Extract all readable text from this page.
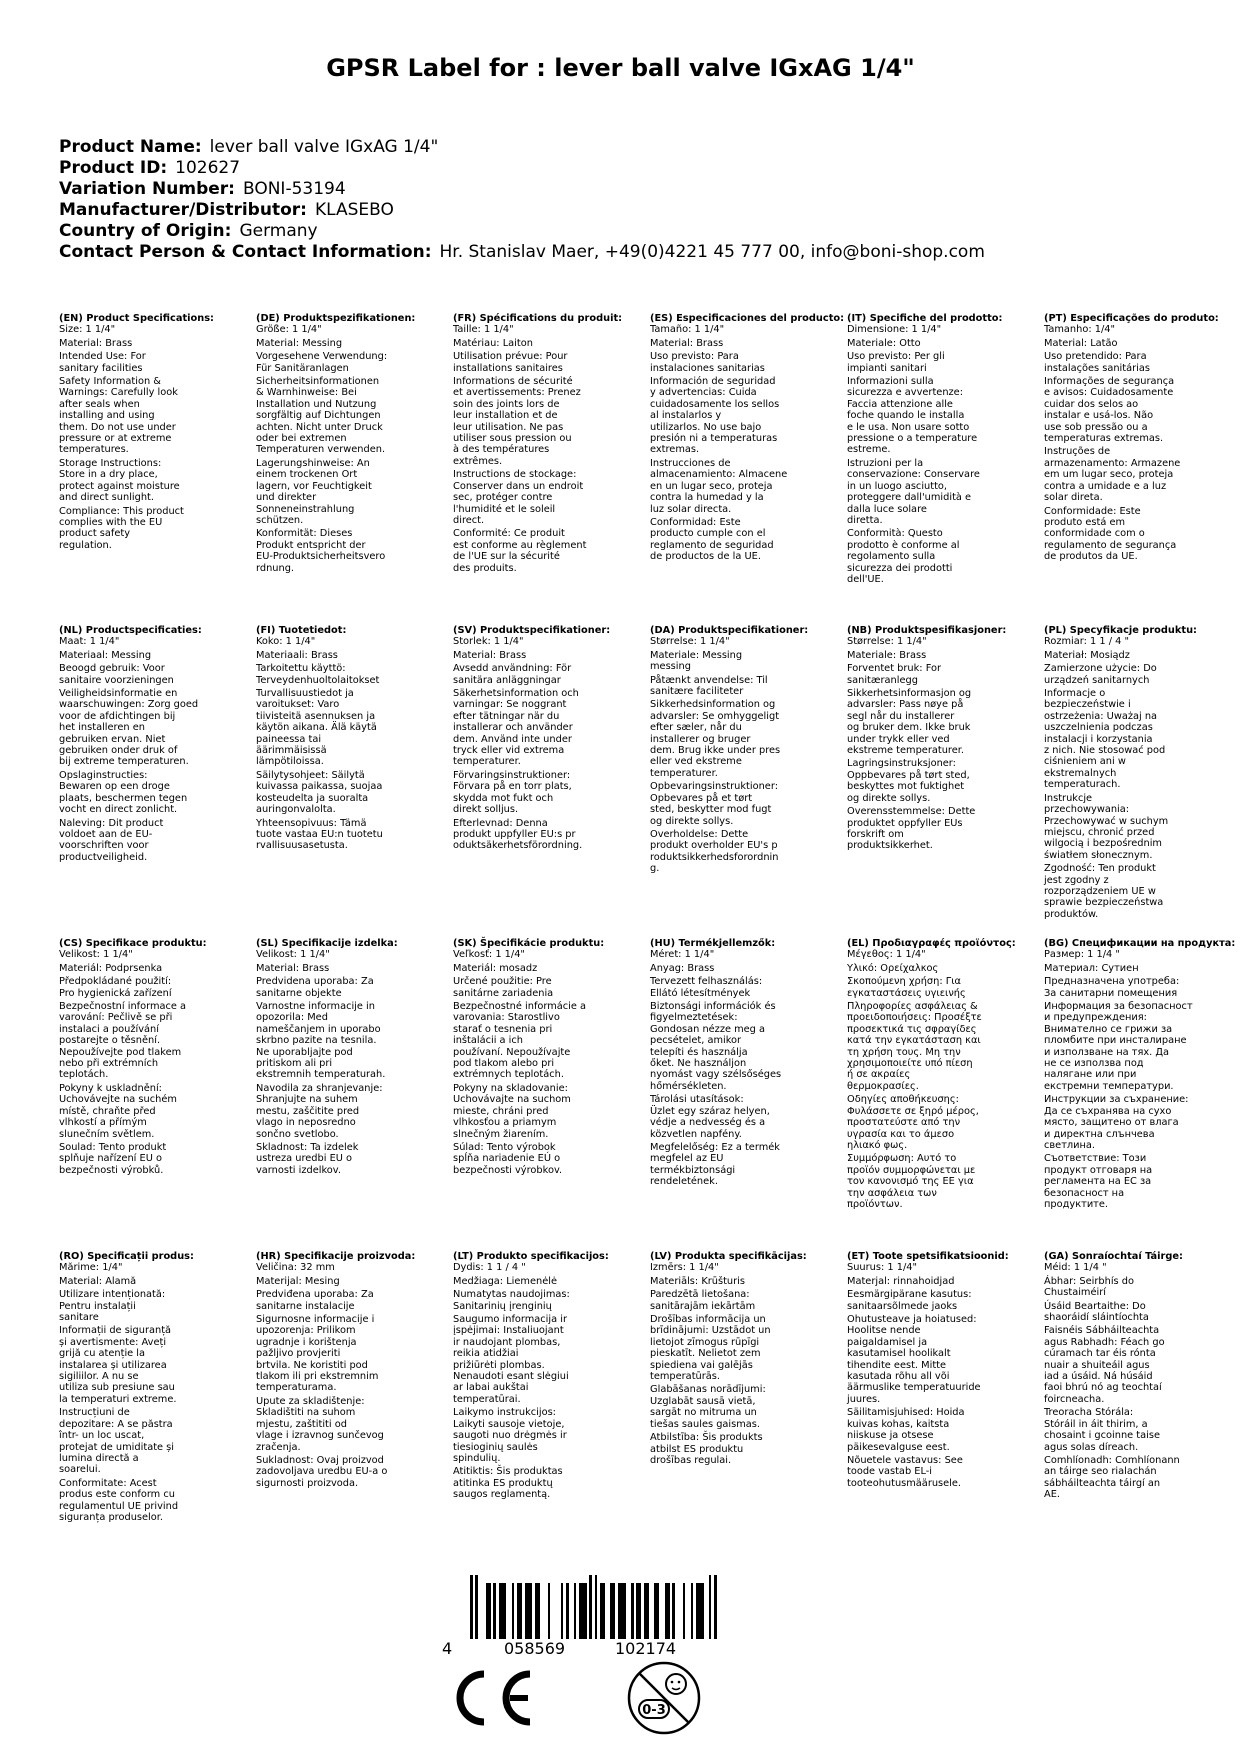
GPSR Label for : lever ball valve IGxAG 1/4"
Product Name: lever ball valve IGxAG 1/4"
Product ID: 102627
Variation Number: BONI-53194
Manufacturer/Distributor: KLASEBO
Country of Origin: Germany
Contact Person & Contact Information: Hr. Stanislav Maer, +49(0)4221 45 777 00, info@boni-shop.com
(EN) Product Specifications:
Size: 1 1/4"
Material: Brass
Intended Use: For
sanitary facilities
Safety Information &
Warnings: Carefully look
after seals when
installing and using
them. Do not use under
pressure or at extreme
temperatures.
Storage Instructions:
Store in a dry place,
protect against moisture
and direct sunlight.
Compliance: This product
complies with the EU
product safety
regulation.
(DE) Produktspezifikationen:
Größe: 1 1/4"
Material: Messing
Vorgesehene Verwendung:
Für Sanitäranlagen
Sicherheitsinformationen
& Warnhinweise: Bei
Installation und Nutzung
sorgfältig auf Dichtungen
achten. Nicht unter Druck
oder bei extremen
Temperaturen verwenden.
Lagerungshinweise: An
einem trockenen Ort
lagern, vor Feuchtigkeit
und direkter
Sonneneinstrahlung
schützen.
Konformität: Dieses
Produkt entspricht der
EU-Produktsicherheitsvero
rdnung.
(FR) Spécifications du produit:
Taille: 1 1/4"
Matériau: Laiton
Utilisation prévue: Pour
installations sanitaires
Informations de sécurité
et avertissements: Prenez
soin des joints lors de
leur installation et de
leur utilisation. Ne pas
utiliser sous pression ou
à des températures
extrêmes.
Instructions de stockage:
Conserver dans un endroit
sec, protéger contre
l'humidité et le soleil
direct.
Conformité: Ce produit
est conforme au règlement
de l'UE sur la sécurité
des produits.
(ES) Especificaciones del producto:
Tamaño: 1 1/4"
Material: Brass
Uso previsto: Para
instalaciones sanitarias
Información de seguridad
y advertencias: Cuida
cuidadosamente los sellos
al instalarlos y
utilizarlos. No use bajo
presión ni a temperaturas
extremas.
Instrucciones de
almacenamiento: Almacene
en un lugar seco, proteja
contra la humedad y la
luz solar directa.
Conformidad: Este
producto cumple con el
reglamento de seguridad
de productos de la UE.
(IT) Specifiche del prodotto:
Dimensione: 1 1/4"
Materiale: Otto
Uso previsto: Per gli
impianti sanitari
Informazioni sulla
sicurezza e avvertenze:
Faccia attenzione alle
foche quando le installa
e le usa. Non usare sotto
pressione o a temperature
estreme.
Istruzioni per la
conservazione: Conservare
in un luogo asciutto,
proteggere dall'umidità e
dalla luce solare
diretta.
Conformità: Questo
prodotto è conforme al
regolamento sulla
sicurezza dei prodotti
dell'UE.
(PT) Especificações do produto:
Tamanho: 1/4"
Material: Latão
Uso pretendido: Para
instalações sanitárias
Informações de segurança
e avisos: Cuidadosamente
cuidar dos selos ao
instalar e usá-los. Não
use sob pressão ou a
temperaturas extremas.
Instruções de
armazenamento: Armazene
em um lugar seco, proteja
contra a umidade e a luz
solar direta.
Conformidade: Este
produto está em
conformidade com o
regulamento de segurança
de produtos da UE.
(NL) Productspecificaties:
Maat: 1 1/4"
Materiaal: Messing
Beoogd gebruik: Voor
sanitaire voorzieningen
Veiligheidsinformatie en
waarschuwingen: Zorg goed
voor de afdichtingen bij
het installeren en
gebruiken ervan. Niet
gebruiken onder druk of
bij extreme temperaturen.
Opslaginstructies:
Bewaren op een droge
plaats, beschermen tegen
vocht en direct zonlicht.
Naleving: Dit product
voldoet aan de EU-
voorschriften voor
productveiligheid.
(FI) Tuotetiedot:
Koko: 1 1/4"
Materiaali: Brass
Tarkoitettu käyttö:
Terveydenhuoltolaitokset
Turvallisuustiedot ja
varoitukset: Varo
tiivisteitä asennuksen ja
käytön aikana. Älä käytä
paineessa tai
äärimmäisissä
lämpötiloissa.
Säilytysohjeet: Säilytä
kuivassa paikassa, suojaa
kosteudelta ja suoralta
auringonvalolta.
Yhteensopivuus: Tämä
tuote vastaa EU:n tuotetu
rvallisuusasetusta.
(SV) Produktspecifikationer:
Storlek: 1 1/4"
Material: Brass
Avsedd användning: För
sanitära anläggningar
Säkerhetsinformation och
varningar: Se noggrant
efter tätningar när du
installerar och använder
dem. Använd inte under
tryck eller vid extrema
temperaturer.
Förvaringsinstruktioner:
Förvara på en torr plats,
skydda mot fukt och
direkt solljus.
Efterlevnad: Denna
produkt uppfyller EU:s pr
oduktsäkerhetsförordning.
(DA) Produktspecifikationer:
Størrelse: 1 1/4"
Materiale: Messing
messing
Påtænkt anvendelse: Til
sanitære faciliteter
Sikkerhedsinformation og
advarsler: Se omhyggeligt
efter sæler, når du
installerer og bruger
dem. Brug ikke under pres
eller ved ekstreme
temperaturer.
Opbevaringsinstruktioner:
Opbevares på et tørt
sted, beskytter mod fugt
og direkte sollys.
Overholdelse: Dette
produkt overholder EU's p
roduktsikkerhedsforordnin
g.
(NB) Produktspesifikasjoner:
Størrelse: 1 1/4"
Materiale: Brass
Forventet bruk: For
sanitæranlegg
Sikkerhetsinformasjon og
advarsler: Pass nøye på
segl når du installerer
og bruker dem. Ikke bruk
under trykk eller ved
ekstreme temperaturer.
Lagringsinstruksjoner:
Oppbevares på tørt sted,
beskyttes mot fuktighet
og direkte sollys.
Overensstemmelse: Dette
produktet oppfyller EUs
forskrift om
produktsikkerhet.
(PL) Specyfikacje produktu:
Rozmiar: 1 1 / 4 "
Materiał: Mosiądz
Zamierzone użycie: Do
urządzeń sanitarnych
Informacje o
bezpieczeństwie i
ostrzeżenia: Uważaj na
uszczelnienia podczas
instalacji i korzystania
z nich. Nie stosować pod
ciśnieniem ani w
ekstremalnych
temperaturach.
Instrukcje
przechowywania:
Przechowywać w suchym
miejscu, chronić przed
wilgocią i bezpośrednim
światłem słonecznym.
Zgodność: Ten produkt
jest zgodny z
rozporządzeniem UE w
sprawie bezpieczeństwa
produktów.
(CS) Specifikace produktu:
Velikost: 1 1/4"
Materiál: Podprsenka
Předpokládané použití:
Pro hygienická zařízení
Bezpečnostní informace a
varování: Pečlivě se při
instalaci a používání
postarejte o těsnění.
Nepoužívejte pod tlakem
nebo při extrémních
teplotách.
Pokyny k uskladnění:
Uchovávejte na suchém
místě, chraňte před
vlhkostí a přímým
slunečním světlem.
Soulad: Tento produkt
splňuje nařízení EU o
bezpečnosti výrobků.
(SL) Specifikacije izdelka:
Velikost: 1 1/4"
Material: Brass
Predvidena uporaba: Za
sanitarne objekte
Varnostne informacije in
opozorila: Med
nameščanjem in uporabo
skrbno pazite na tesnila.
Ne uporabljajte pod
pritiskom ali pri
ekstremnih temperaturah.
Navodila za shranjevanje:
Shranjujte na suhem
mestu, zaščitite pred
vlago in neposredno
sončno svetlobo.
Skladnost: Ta izdelek
ustreza uredbi EU o
varnosti izdelkov.
(SK) Špecifikácie produktu:
Veľkosť: 1 1/4"
Materiál: mosadz
Určené použitie: Pre
sanitárne zariadenia
Bezpečnostné informácie a
varovania: Starostlivo
starať o tesnenia pri
inštalácii a ich
používaní. Nepoužívajte
pod tlakom alebo pri
extrémnych teplotách.
Pokyny na skladovanie:
Uchovávajte na suchom
mieste, chráni pred
vlhkosťou a priamym
slnečným žiarením.
Súlad: Tento výrobok
spĺňa nariadenie EÚ o
bezpečnosti výrobkov.
(HU) Termékjellemzők:
Méret: 1 1/4"
Anyag: Brass
Tervezett felhasználás:
Ellátó létesítmények
Biztonsági információk és
figyelmeztetések:
Gondosan nézze meg a
pecsételet, amikor
telepíti és használja
őket. Ne használjon
nyomást vagy szélsőséges
hőmérsékleten.
Tárolási utasítások:
Üzlet egy száraz helyen,
védje a nedvesség és a
közvetlen napfény.
Megfelelőség: Ez a termék
megfelel az EU
termékbiztonsági
rendeletének.
(EL) Προδιαγραφές προϊόντος:
Μέγεθος: 1 1/4"
Υλικό: Ορείχαλκος
Σκοπούμενη χρήση: Για
εγκαταστάσεις υγιεινής
Πληροφορίες ασφάλειας &
προειδοποιήσεις: Προσέξτε
προσεκτικά τις σφραγίδες
κατά την εγκατάσταση και
τη χρήση τους. Μη την
χρησιμοποιείτε υπό πίεση
ή σε ακραίες
θερμοκρασίες.
Οδηγίες αποθήκευσης:
Φυλάσσετε σε ξηρό μέρος,
προστατεύστε από την
υγρασία και το άμεσο
ηλιακό φως.
Συμμόρφωση: Αυτό το
προϊόν συμμορφώνεται με
τον κανονισμό της ΕΕ για
την ασφάλεια των
προϊόντων.
(BG) Спецификации на продукта:
Размер: 1 1/4 "
Материал: Сутиен
Предназначена употреба:
За санитарни помещения
Информация за безопасност
и предупреждения:
Внимателно се грижи за
пломбите при инсталиране
и използване на тях. Да
не се използва под
налягане или при
екстремни температури.
Инструкции за съхранение:
Да се съхранява на сухо
място, защитено от влага
и директна слънчева
светлина.
Съответствие: Този
продукт отговаря на
регламента на ЕС за
безопасност на
продуктите.
(RO) Specificații produs:
Mărime: 1/4"
Material: Alamă
Utilizare intenționată:
Pentru instalații
sanitare
Informații de siguranță
și avertismente: Aveți
grijă cu atenție la
instalarea și utilizarea
sigiliilor. A nu se
utiliza sub presiune sau
la temperaturi extreme.
Instrucțiuni de
depozitare: A se păstra
într- un loc uscat,
protejat de umiditate și
lumina directă a
soarelui.
Conformitate: Acest
produs este conform cu
regulamentul UE privind
siguranța produselor.
(HR) Specifikacije proizvoda:
Veličina: 32 mm
Materijal: Mesing
Predviđena uporaba: Za
sanitarne instalacije
Sigurnosne informacije i
upozorenja: Prilikom
ugradnje i korištenja
pažljivo provjeriti
brtvila. Ne koristiti pod
tlakom ili pri ekstremnim
temperaturama.
Upute za skladištenje:
Skladištiti na suhom
mjestu, zaštititi od
vlage i izravnog sunčevog
zračenja.
Sukladnost: Ovaj proizvod
zadovoljava uredbu EU-a o
sigurnosti proizvoda.
(LT) Produkto specifikacijos:
Dydis: 1 1 / 4 "
Medžiaga: Liemenėlė
Numatytas naudojimas:
Sanitarinių įrenginių
Saugumo informacija ir
įspėjimai: Instaliuojant
ir naudojant plombas,
reikia atidžiai
prižiūrėti plombas.
Nenaudoti esant slėgiui
ar labai aukštai
temperatūrai.
Laikymo instrukcijos:
Laikyti sausoje vietoje,
saugoti nuo drėgmės ir
tiesioginių saulės
spindulių.
Atitiktis: Šis produktas
atitinka ES produktų
saugos reglamentą.
(LV) Produkta specifikācijas:
Izmērs: 1 1/4"
Materiāls: Krūšturis
Paredzētā lietošana:
sanitārajām iekārtām
Drošības informācija un
brīdinājumi: Uzstādot un
lietojot zīmogus rūpīgi
pieskatīt. Nelietot zem
spiediena vai galējās
temperatūrās.
Glabāšanas norādījumi:
Uzglabāt sausā vietā,
sargāt no mitruma un
tiešas saules gaismas.
Atbilstība: Šis produkts
atbilst ES produktu
drošības regulai.
(ET) Toote spetsifikatsioonid:
Suurus: 1 1/4"
Materjal: rinnahoidjad
Eesmärgipärane kasutus:
sanitaarsõlmede jaoks
Ohutusteave ja hoiatused:
Hoolitse nende
paigaldamisel ja
kasutamisel hoolikalt
tihendite eest. Mitte
kasutada rõhu all või
äärmuslike temperatuuride
juures.
Säilitamisjuhised: Hoida
kuivas kohas, kaitsta
niiskuse ja otsese
päikesevalguse eest.
Nõuetele vastavus: See
toode vastab EL-i
tooteohutusmäärusele.
(GA) Sonraíochtaí Táirge:
Méid: 1 1/4 "
Ábhar: Seirbhís do
Chustaiméirí
Úsáid Beartaithe: Do
shaoráidí sláintíochta
Faisnéis Sábháilteachta
agus Rabhadh: Féach go
cúramach tar éis rónta
nuair a shuiteáil agus
iad a úsáid. Ná húsáid
faoi bhrú nó ag teochtaí
foircneacha.
Treoracha Stórála:
Stóráil in áit thirim, a
chosaint i gcoinne taise
agus solas díreach.
Comhlíonadh: Comhlíonann
an táirge seo rialachán
sábháilteachta táirgí an
AE.
4	058569	102174
0-3
